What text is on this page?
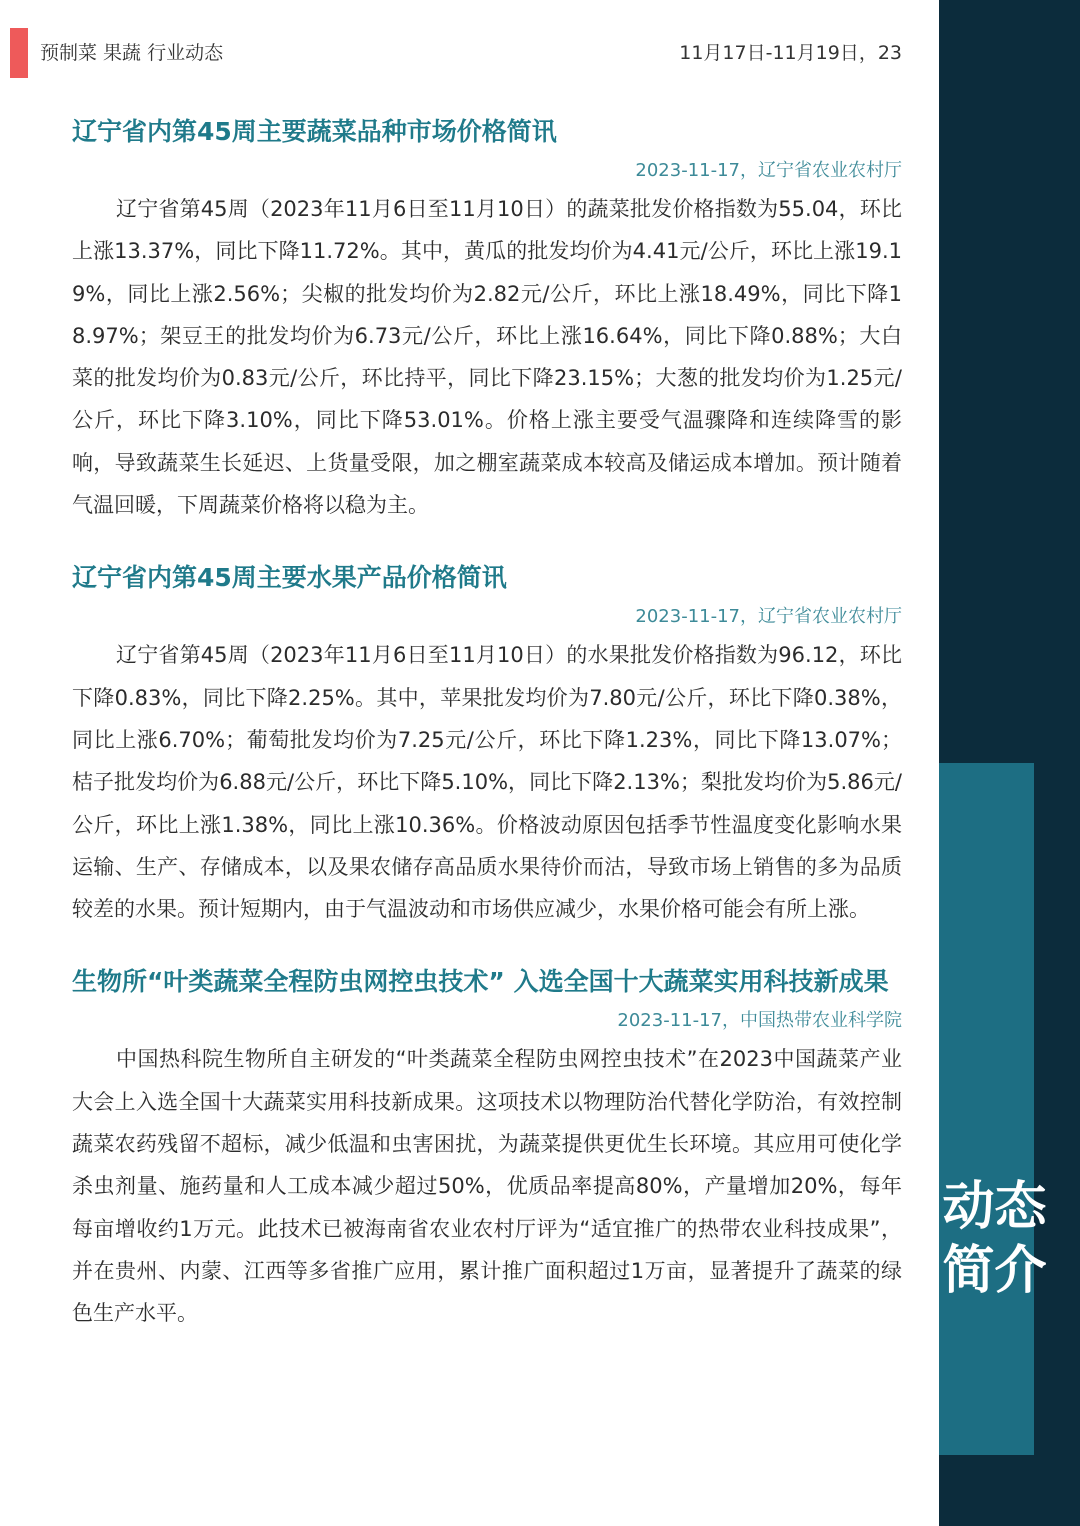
预制菜 果蔬 行业动态	11月17日-11月19日，23
动态简介
辽宁省内第45周主要蔬菜品种市场价格简讯
2023-11-17，辽宁省农业农村厅

辽宁省第45周（2023年11月6日至11月10日）的蔬菜批发价格指数为55.04，环比上涨13.37%，同比下降11.72%。其中，黄瓜的批发均价为4.41元/公斤，环比上涨19.19%，同比上涨2.56%；尖椒的批发均价为2.82元/公斤，环比上涨18.49%，同比下降18.97%；架豆王的批发均价为6.73元/公斤，环比上涨16.64%，同比下降0.88%；大白菜的批发均价为0.83元/公斤，环比持平，同比下降23.15%；大葱的批发均价为1.25元/公斤，环比下降3.10%，同比下降53.01%。价格上涨主要受气温骤降和连续降雪的影响，导致蔬菜生长延迟、上货量受限，加之棚室蔬菜成本较高及储运成本增加。预计随着气温回暖，下周蔬菜价格将以稳为主。

辽宁省内第45周主要水果产品价格简讯
2023-11-17，辽宁省农业农村厅

辽宁省第45周（2023年11月6日至11月10日）的水果批发价格指数为96.12，环比下降0.83%，同比下降2.25%。其中，苹果批发均价为7.80元/公斤，环比下降0.38%，同比上涨6.70%；葡萄批发均价为7.25元/公斤，环比下降1.23%，同比下降13.07%；桔子批发均价为6.88元/公斤，环比下降5.10%，同比下降2.13%；梨批发均价为5.86元/公斤，环比上涨1.38%，同比上涨10.36%。价格波动原因包括季节性温度变化影响水果运输、生产、存储成本，以及果农储存高品质水果待价而沽，导致市场上销售的多为品质较差的水果。预计短期内，由于气温波动和市场供应减少，水果价格可能会有所上涨。

生物所“叶类蔬菜全程防虫网控虫技术” 入选全国十大蔬菜实用科技新成果
2023-11-17，中国热带农业科学院

中国热科院生物所自主研发的“叶类蔬菜全程防虫网控虫技术”在2023中国蔬菜产业大会上入选全国十大蔬菜实用科技新成果。这项技术以物理防治代替化学防治，有效控制蔬菜农药残留不超标，减少低温和虫害困扰，为蔬菜提供更优生长环境。其应用可使化学杀虫剂量、施药量和人工成本减少超过50%，优质品率提高80%，产量增加20%，每年每亩增收约1万元。此技术已被海南省农业农村厅评为“适宜推广的热带农业科技成果”，并在贵州、内蒙、江西等多省推广应用，累计推广面积超过1万亩，显著提升了蔬菜的绿色生产水平。
